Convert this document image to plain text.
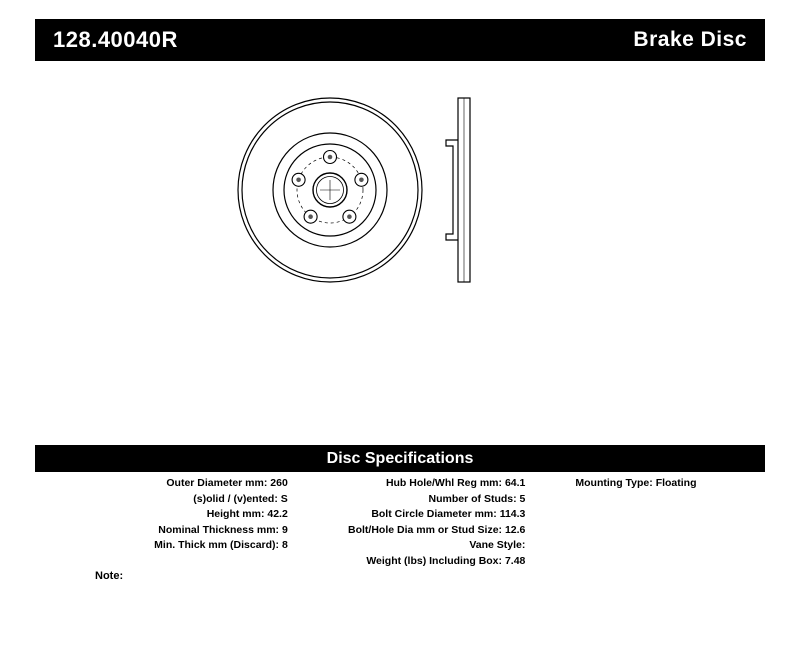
128.40040R	Brake Disc
Disc Specifications
Outer Diameter mm: 260
(s)olid / (v)ented: S
Height mm: 42.2
Nominal Thickness mm: 9
Min. Thick mm (Discard): 8
Hub Hole/Whl Reg mm: 64.1
Number of Studs: 5
Bolt Circle Diameter mm: 114.3
Bolt/Hole Dia mm or Stud Size: 12.6
Vane Style:
Weight (lbs) Including Box: 7.48
Mounting Type: Floating
Note:
